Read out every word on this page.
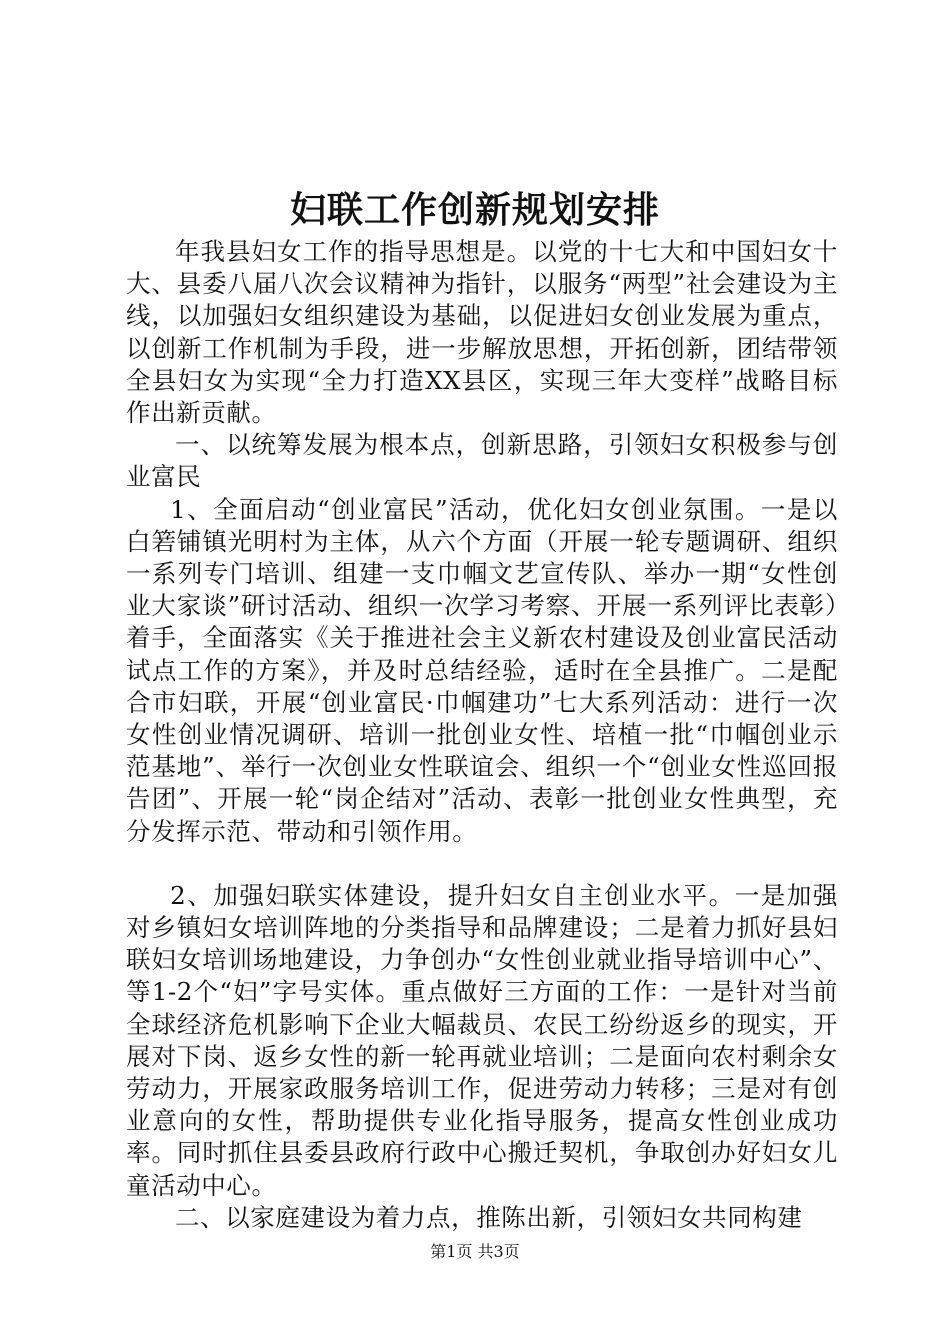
妇联工作创新规划安排

年我县妇女工作的指导思想是。以党的十七大和中国妇女十大、县委八届八次会议精神为指针，以服务“两型”社会建设为主线，以加强妇女组织建设为基础，以促进妇女创业发展为重点，以创新工作机制为手段，进一步解放思想，开拓创新，团结带领全县妇女为实现“全力打造XX县区，实现三年大变样”战略目标作出新贡献。

一、以统筹发展为根本点，创新思路，引领妇女积极参与创业富民

1、全面启动“创业富民”活动，优化妇女创业氛围。一是以白箬铺镇光明村为主体，从六个方面（开展一轮专题调研、组织一系列专门培训、组建一支巾帼文艺宣传队、举办一期“女性创业大家谈”研讨活动、组织一次学习考察、开展一系列评比表彰）着手，全面落实《关于推进社会主义新农村建设及创业富民活动试点工作的方案》，并及时总结经验，适时在全县推广。二是配合市妇联，开展“创业富民·巾帼建功”七大系列活动：进行一次女性创业情况调研、培训一批创业女性、培植一批“巾帼创业示范基地”、举行一次创业女性联谊会、组织一个“创业女性巡回报告团”、开展一轮“岗企结对”活动、表彰一批创业女性典型，充分发挥示范、带动和引领作用。

2、加强妇联实体建设，提升妇女自主创业水平。一是加强对乡镇妇女培训阵地的分类指导和品牌建设；二是着力抓好县妇联妇女培训场地建设，力争创办“女性创业就业指导培训中心”、等1-2个“妇”字号实体。重点做好三方面的工作：一是针对当前全球经济危机影响下企业大幅裁员、农民工纷纷返乡的现实，开展对下岗、返乡女性的新一轮再就业培训；二是面向农村剩余女劳动力，开展家政服务培训工作，促进劳动力转移；三是对有创业意向的女性，帮助提供专业化指导服务，提高女性创业成功率。同时抓住县委县政府行政中心搬迁契机，争取创办好妇女儿童活动中心。

二、以家庭建设为着力点，推陈出新，引领妇女共同构建

第1页 共3页
